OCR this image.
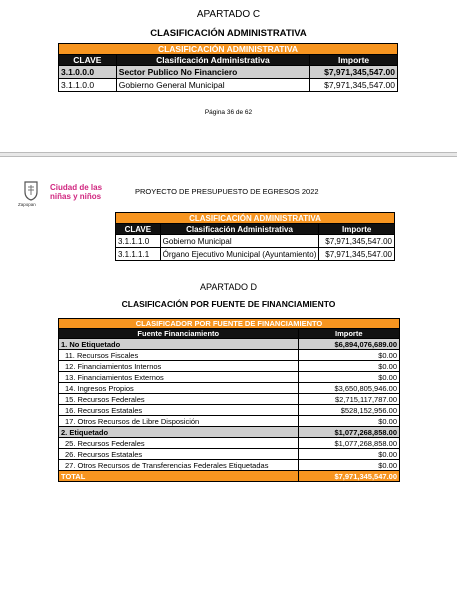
APARTADO C
CLASIFICACIÓN ADMINISTRATIVA
CLASIFICACIÓN ADMINISTRATIVA		
CLAVE	Clasificación Administrativa	Importe
3.1.0.0.0	Sector Publico No Financiero	$7,971,345,547.00
3.1.1.0.0	Gobierno General Municipal	$7,971,345,547.00
Página 36 de 62
Zapopan
Ciudad de las niñas y niños
PROYECTO DE PRESUPUESTO DE EGRESOS 2022
CLASIFICACIÓN ADMINISTRATIVA		
CLAVE	Clasificación Administrativa	Importe
3.1.1.1.0	Gobierno Municipal	$7,971,345,547.00
3.1.1.1.1	Órgano Ejecutivo Municipal (Ayuntamiento)	$7,971,345,547.00
APARTADO D
CLASIFICACIÓN POR FUENTE DE FINANCIAMIENTO
CLASIFICADOR POR FUENTE DE FINANCIAMIENTO	
Fuente Financiamiento	Importe
1. No Etiquetado	$6,894,076,689.00
11. Recursos Fiscales	$0.00
12. Financiamientos Internos	$0.00
13. Financiamientos Externos	$0.00
14. Ingresos Propios	$3,650,805,946.00
15. Recursos Federales	$2,715,117,787.00
16. Recursos Estatales	$528,152,956.00
17. Otros Recursos de Libre Disposición	$0.00
2. Etiquetado	$1,077,268,858.00
25. Recursos Federales	$1,077,268,858.00
26. Recursos Estatales	$0.00
27. Otros Recursos de Transferencias Federales Etiquetadas	$0.00
TOTAL	$7,971,345,547.00
